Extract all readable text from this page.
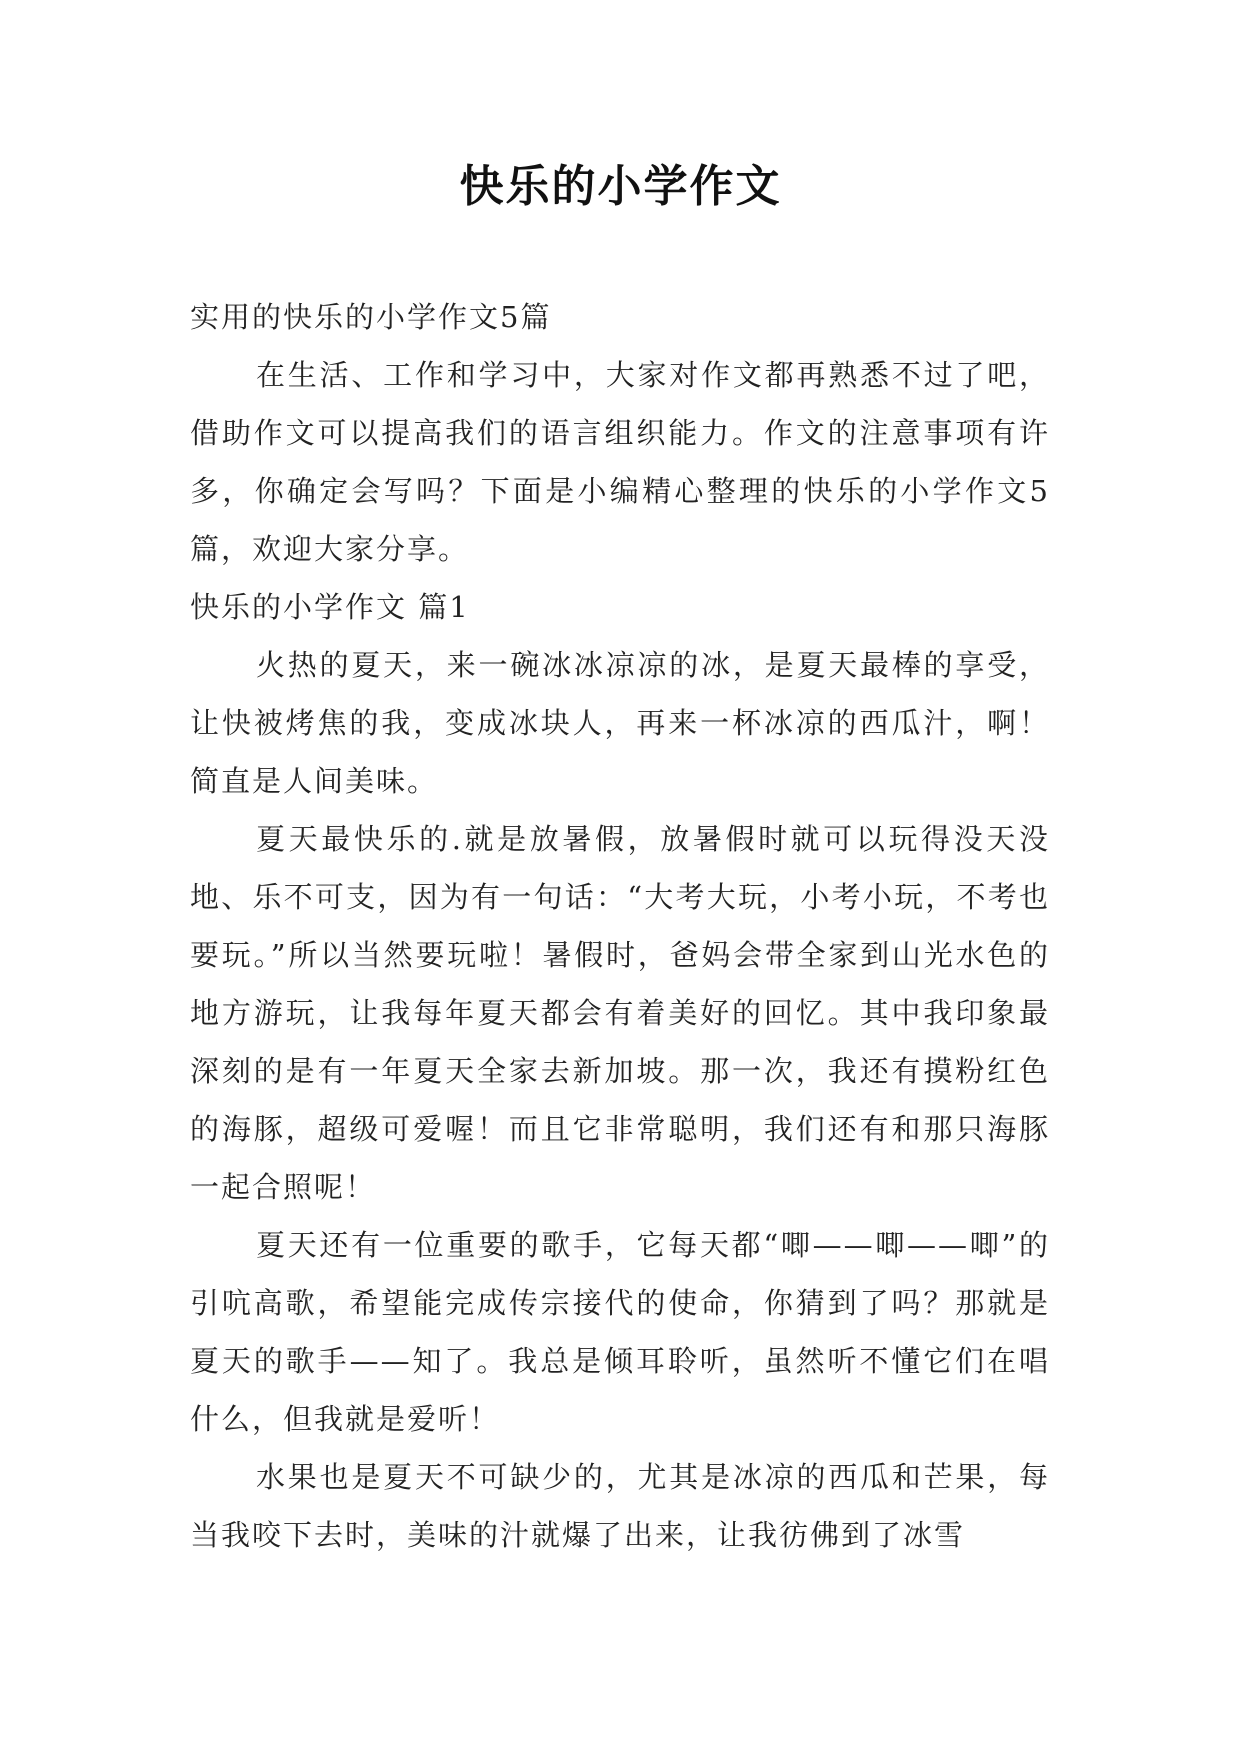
快乐的小学作文

实用的快乐的小学作文5篇

在生活、工作和学习中，大家对作文都再熟悉不过了吧，借助作文可以提高我们的语言组织能力。作文的注意事项有许多，你确定会写吗？下面是小编精心整理的快乐的小学作文5篇，欢迎大家分享。

快乐的小学作文 篇1

火热的夏天，来一碗冰冰凉凉的冰，是夏天最棒的享受，让快被烤焦的我，变成冰块人，再来一杯冰凉的西瓜汁，啊！简直是人间美味。

夏天最快乐的.就是放暑假，放暑假时就可以玩得没天没地、乐不可支，因为有一句话：“大考大玩，小考小玩，不考也要玩。”所以当然要玩啦！暑假时，爸妈会带全家到山光水色的地方游玩，让我每年夏天都会有着美好的回忆。其中我印象最深刻的是有一年夏天全家去新加坡。那一次，我还有摸粉红色的海豚，超级可爱喔！而且它非常聪明，我们还有和那只海豚一起合照呢！

夏天还有一位重要的歌手，它每天都“唧——唧——唧”的引吭高歌，希望能完成传宗接代的使命，你猜到了吗？那就是夏天的歌手——知了。我总是倾耳聆听，虽然听不懂它们在唱什么，但我就是爱听！

水果也是夏天不可缺少的，尤其是冰凉的西瓜和芒果，每当我咬下去时，美味的汁就爆了出来，让我彷佛到了冰雪
